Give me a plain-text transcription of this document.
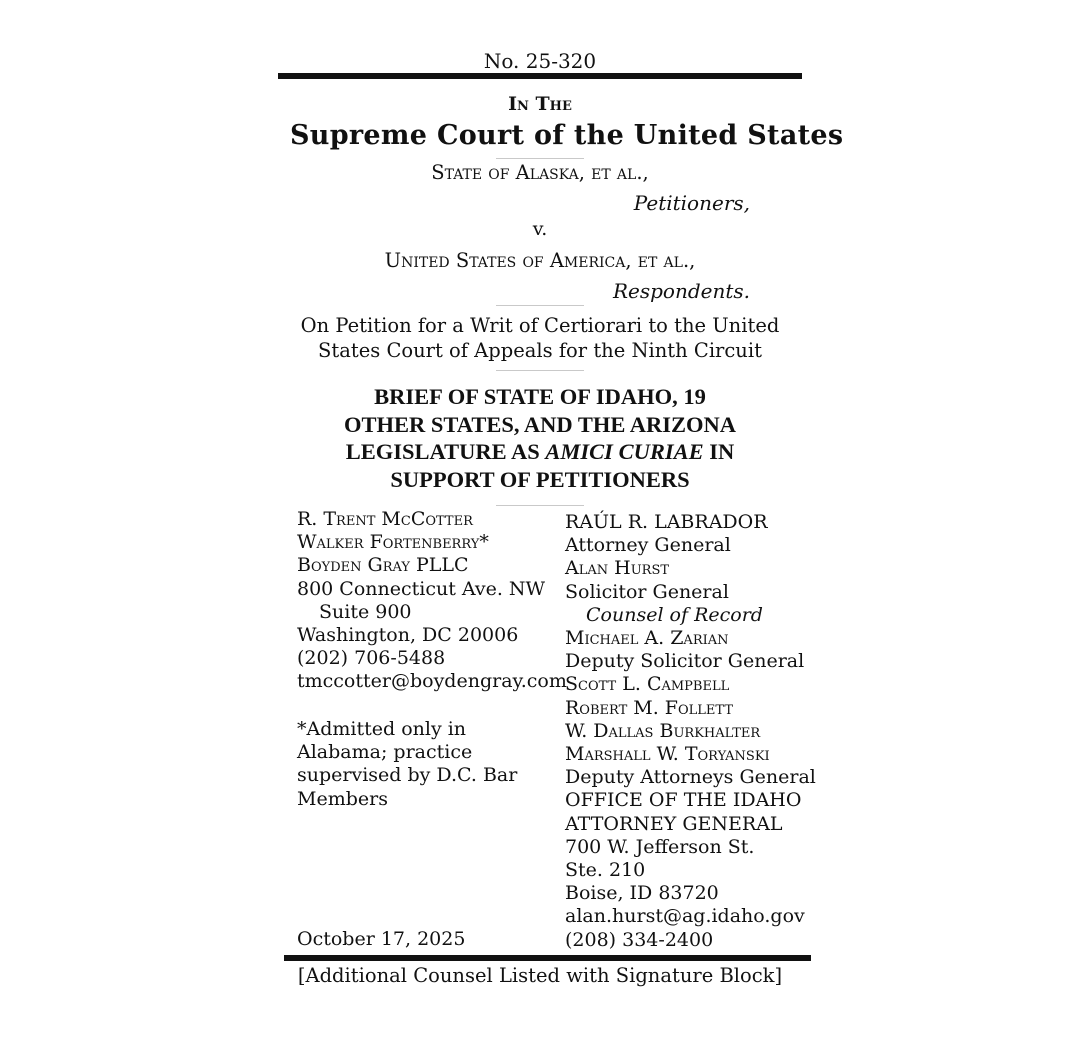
No. 25-320
In The
Supreme Court of the United States
State of Alaska, et al.,
Petitioners,
v.
United States of America, et al.,
Respondents.
On Petition for a Writ of Certiorari to the United
States Court of Appeals for the Ninth Circuit
BRIEF OF STATE OF IDAHO, 19
OTHER STATES, AND THE ARIZONA
LEGISLATURE AS AMICI CURIAE IN
SUPPORT OF PETITIONERS
R. Trent McCotter
Walker Fortenberry*
Boyden Gray PLLC
800 Connecticut Ave. NW
Suite 900
Washington, DC 20006
(202) 706-5488
tmccotter@boydengray.com
*Admitted only in
Alabama; practice
supervised by D.C. Bar
Members
October 17, 2025
RAÚL R. LABRADOR
Attorney General
Alan Hurst
Solicitor General
Counsel of Record
Michael A. Zarian
Deputy Solicitor General
Scott L. Campbell
Robert M. Follett
W. Dallas Burkhalter
Marshall W. Toryanski
Deputy Attorneys General
OFFICE OF THE IDAHO
ATTORNEY GENERAL
700 W. Jefferson St.
Ste. 210
Boise, ID 83720
alan.hurst@ag.idaho.gov
(208) 334-2400
[Additional Counsel Listed with Signature Block]
